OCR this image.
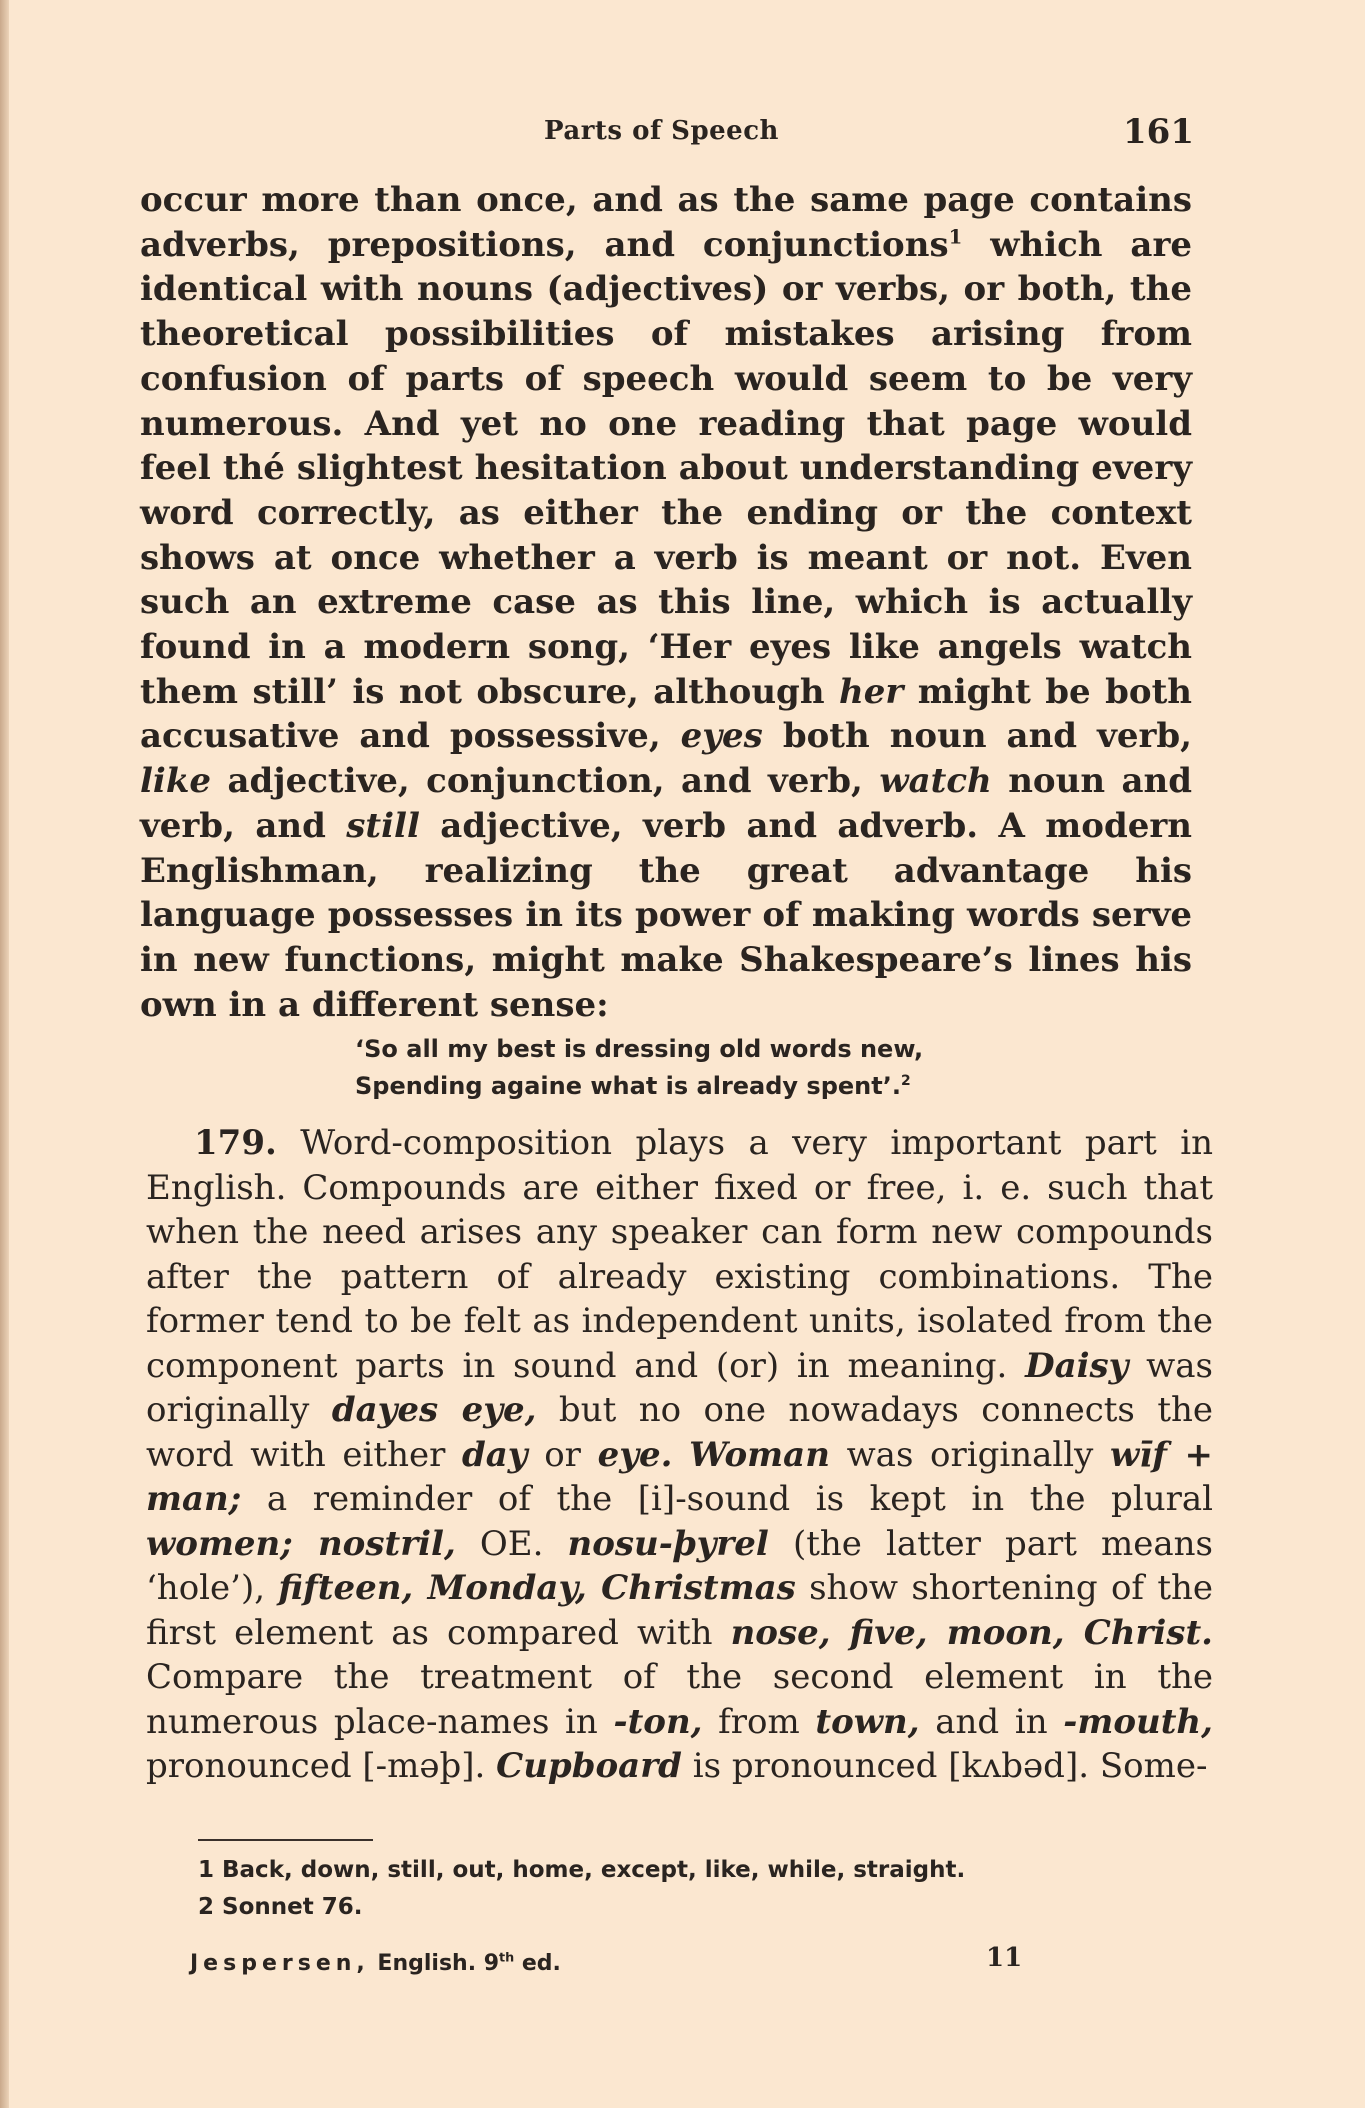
Parts of Speech	161

occur more than once, and as the same page contains adverbs, prepositions, and conjunctions$^1$ which are identical with nouns (adjectives) or verbs, or both, the theoretical possibilities of mistakes arising from confusion of parts of speech would seem to be very numerous. And yet no one reading that page would feel thé slightest hesitation about understanding every word correctly, as either the ending or the context shows at once whether a verb is meant or not. Even such an extreme case as this line, which is actually found in a modern song, ‘Her eyes like angels watch them still’ is not obscure, although her might be both accusative and possessive, eyes both noun and verb, like adjective, conjunction, and verb, watch noun and verb, and still adjective, verb and adverb. A modern Englishman, realizing the great advantage his language possesses in its power of making words serve in new functions, might make Shakespeare’s lines his own in a different sense:

‘So all my best is dressing old words new,
Spending againe what is already spent’.$^2$

179. Word-composition plays a very important part in English. Compounds are either fixed or free, i. e. such that when the need arises any speaker can form new compounds after the pattern of already existing combinations. The former tend to be felt as independent units, isolated from the component parts in sound and (or) in meaning. Daisy was originally dayes eye, but no one nowadays connects the word with either day or eye. Woman was originally wīf + man; a reminder of the [i]-sound is kept in the plural women; nostril, OE. nosu-þyrel (the latter part means ‘hole’), fifteen, Monday, Christmas show shortening of the first element as compared with nose, five, moon, Christ. Compare the treatment of the second element in the numerous place-names in -ton, from town, and in -mouth, pronounced [-məþ]. Cupboard is pronounced [kʌbəd]. Some-

1 Back, down, still, out, home, except, like, while, straight.
2 Sonnet 76.
Jespersen, English. 9th ed.	11
